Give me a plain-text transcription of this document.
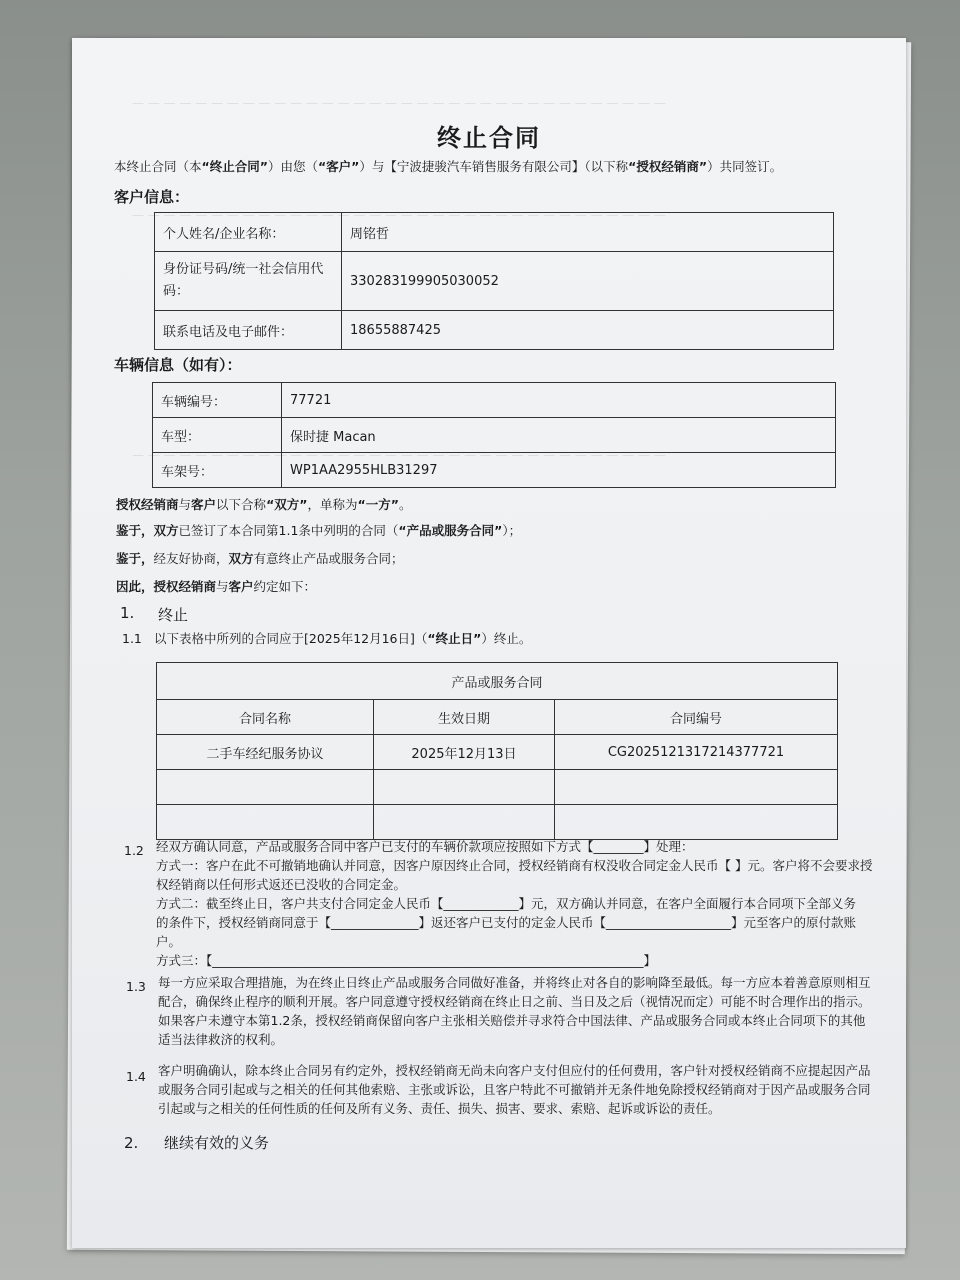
— — — — — — — — — — — — — — — — — — — — — — — — — — — — — — — — — —
— — — — — — — — — — — — — — — — — — — — — — — — — — — — — — — — — —
— — — — — — — — — — — — — — — — — — — — — — — — — — — — — — — — — —
终止合同
本终止合同（本“终止合同”）由您（“客户”）与【宁波捷骏汽车销售服务有限公司】（以下称“授权经销商”）共同签订。
客户信息：
个人姓名/企业名称：	周铭哲
身份证号码/统一社会信用代码：	330283199905030052
联系电话及电子邮件：	18655887425
车辆信息（如有）：
车辆编号：	77721
车型：	保时捷 Macan
车架号：	WP1AA2955HLB31297
授权经销商与客户以下合称“双方”，单称为“一方”。
鉴于，双方已签订了本合同第1.1条中列明的合同（“产品或服务合同”）；
鉴于，经友好协商，双方有意终止产品或服务合同；
因此，授权经销商与客户约定如下：
1. 终止
1.1 以下表格中所列的合同应于[2025年12月16日]（“终止日”）终止。
产品或服务合同		
合同名称	生效日期	合同编号
二手车经纪服务协议	2025年12月13日	CG2025121317214377721

1.2 经双方确认同意，产品或服务合同中客户已支付的车辆价款项应按照如下方式【________】处理：
方式一：客户在此不可撤销地确认并同意，因客户原因终止合同，授权经销商有权没收合同定金人民币【 】元。客户将不会要求授
权经销商以任何形式返还已没收的合同定金。
方式二：截至终止日，客户共支付合同定金人民币【____________】元，双方确认并同意，在客户全面履行本合同项下全部义务
的条件下，授权经销商同意于【______________】返还客户已支付的定金人民币【____________________】元至客户的原付款账
户。
方式三：【_____________________________________________________________________】
1.3 每一方应采取合理措施，为在终止日终止产品或服务合同做好准备，并将终止对各自的影响降至最低。每一方应本着善意原则相互
配合，确保终止程序的顺利开展。客户同意遵守授权经销商在终止日之前、当日及之后（视情况而定）可能不时合理作出的指示。
如果客户未遵守本第1.2条，授权经销商保留向客户主张相关赔偿并寻求符合中国法律、产品或服务合同或本终止合同项下的其他
适当法律救济的权利。
1.4 客户明确确认，除本终止合同另有约定外，授权经销商无尚未向客户支付但应付的任何费用，客户针对授权经销商不应提起因产品
或服务合同引起或与之相关的任何其他索赔、主张或诉讼，且客户特此不可撤销并无条件地免除授权经销商对于因产品或服务合同
引起或与之相关的任何性质的任何及所有义务、责任、损失、损害、要求、索赔、起诉或诉讼的责任。
2. 继续有效的义务
